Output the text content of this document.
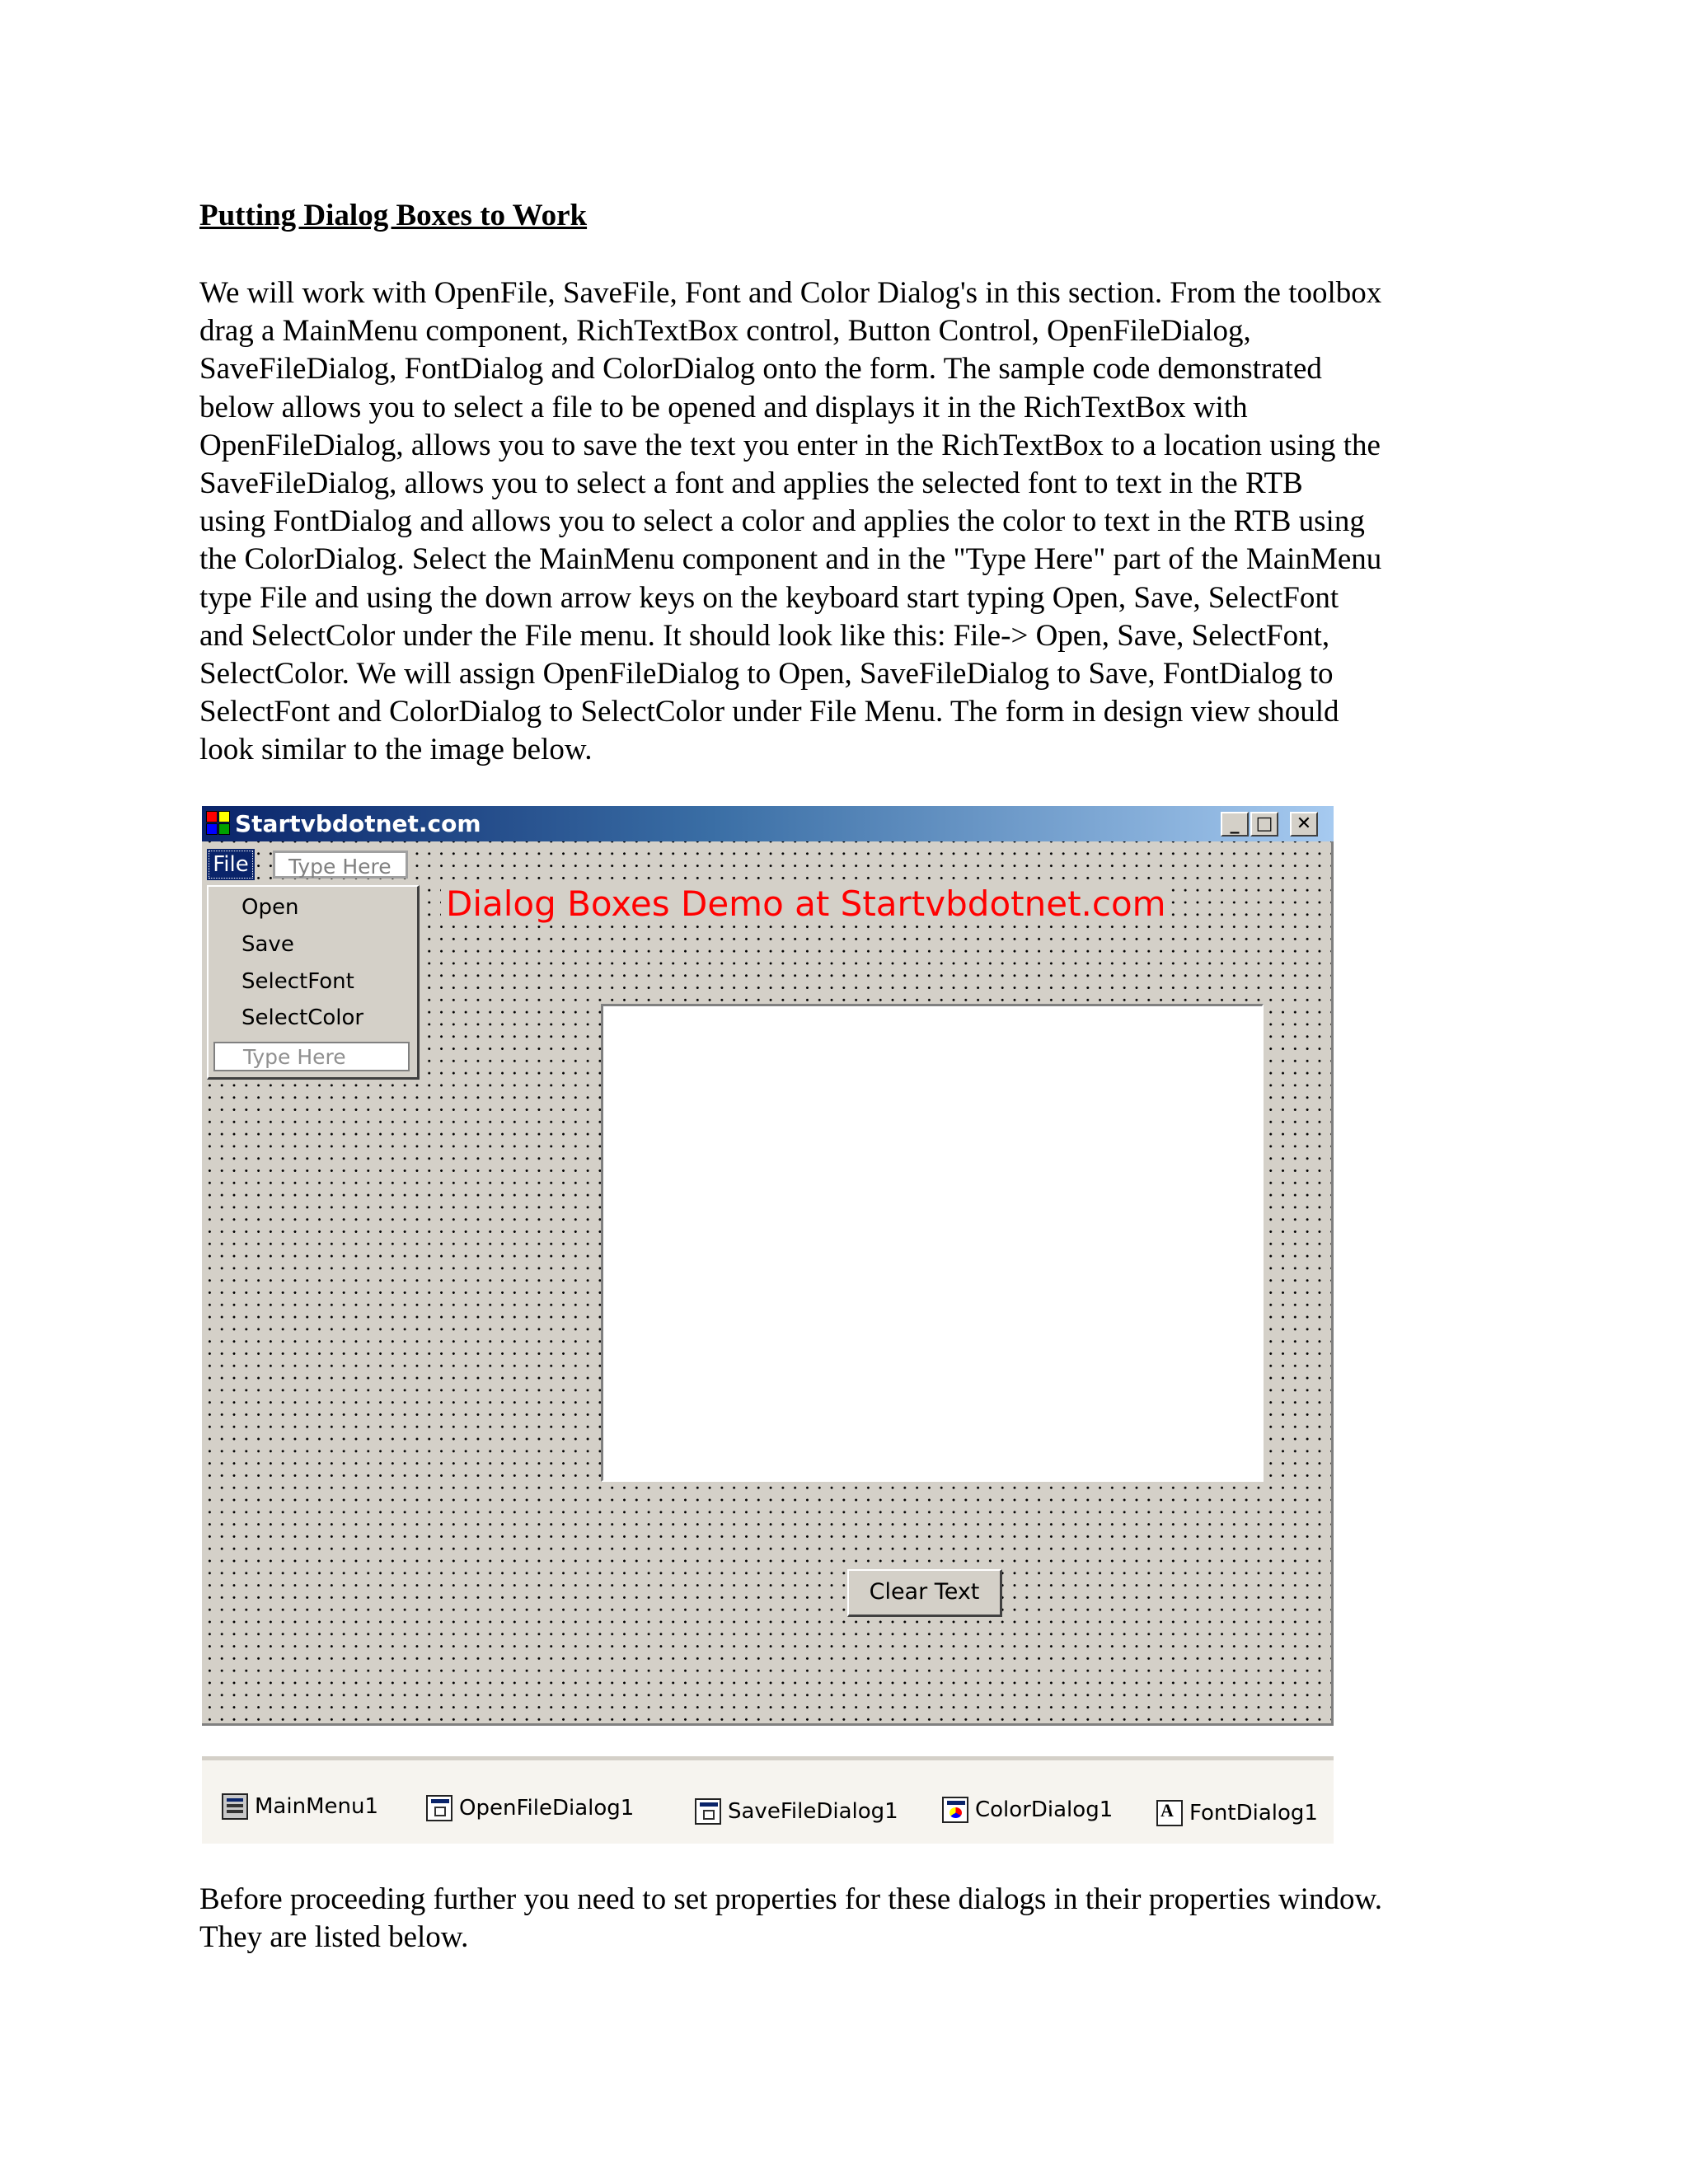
Putting Dialog Boxes to Work
We will work with OpenFile, SaveFile, Font and Color Dialog's in this section. From the toolbox
drag a MainMenu component, RichTextBox control, Button Control, OpenFileDialog,
SaveFileDialog, FontDialog and ColorDialog onto the form. The sample code demonstrated
below allows you to select a file to be opened and displays it in the RichTextBox with
OpenFileDialog, allows you to save the text you enter in the RichTextBox to a location using the
SaveFileDialog, allows you to select a font and applies the selected font to text in the RTB
using FontDialog and allows you to select a color and applies the color to text in the RTB using
the ColorDialog. Select the MainMenu component and in the "Type Here" part of the MainMenu
type File and using the down arrow keys on the keyboard start typing Open, Save, SelectFont
and SelectColor under the File menu. It should look like this: File-> Open, Save, SelectFont,
SelectColor. We will assign OpenFileDialog to Open, SaveFileDialog to Save, FontDialog to
SelectFont and ColorDialog to SelectColor under File Menu. The form in design view should
look similar to the image below.
Startvbdotnet.com	_ □	✕
File	Type Here
Open
Save
SelectFont
SelectColor
Type Here
Dialog Boxes Demo at Startvbdotnet.com
Clear Text
MainMenu1	OpenFileDialog1	SaveFileDialog1	ColorDialog1
A	FontDialog1
Before proceeding further you need to set properties for these dialogs in their properties window.
They are listed below.
